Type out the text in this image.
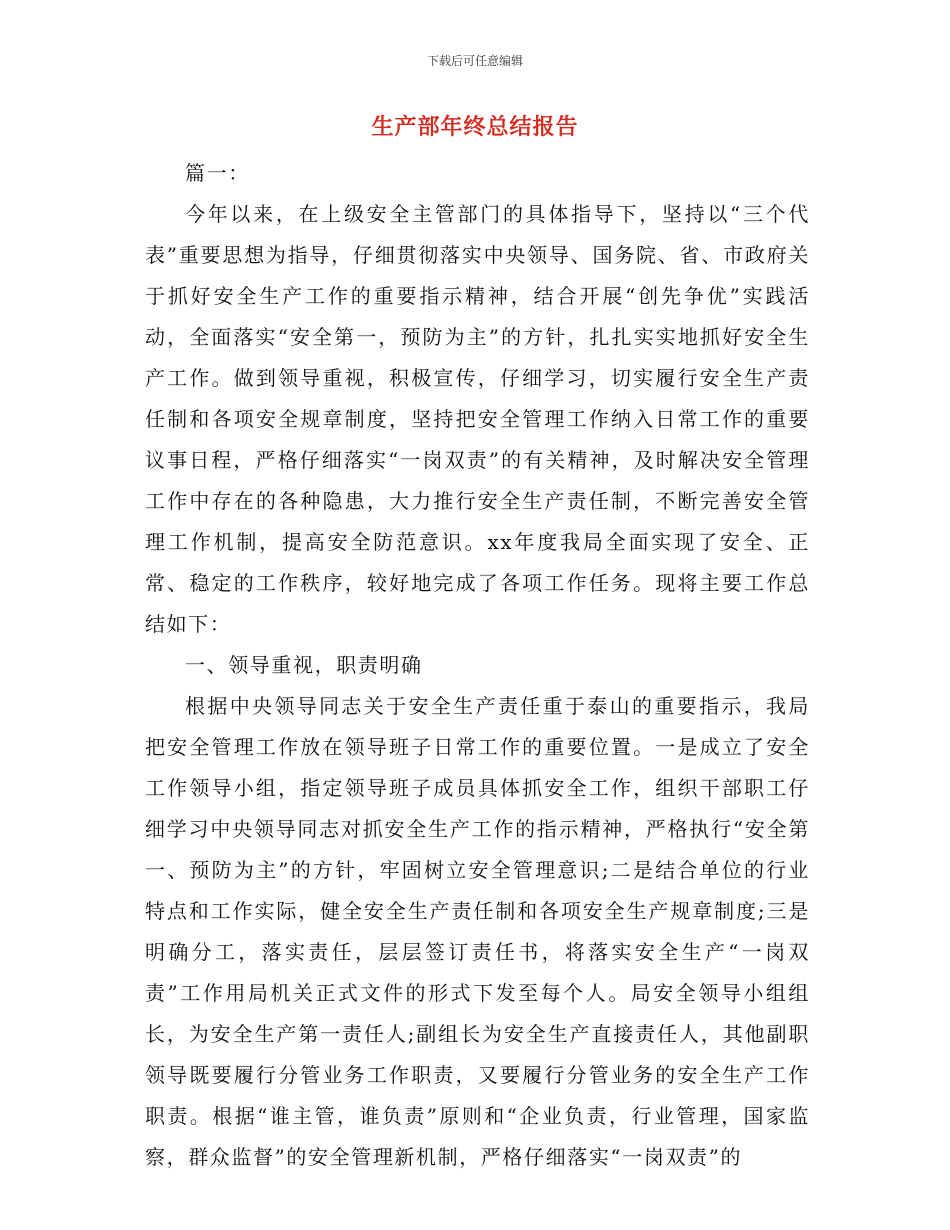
下载后可任意编辑
生产部年终总结报告

篇一：

今年以来，在上级安全主管部门的具体指导下，坚持以“三个代表”重要思想为指导，仔细贯彻落实中央领导、国务院、省、市政府关于抓好安全生产工作的重要指示精神，结合开展“创先争优”实践活动，全面落实“安全第一，预防为主”的方针，扎扎实实地抓好安全生产工作。做到领导重视，积极宣传，仔细学习，切实履行安全生产责任制和各项安全规章制度，坚持把安全管理工作纳入日常工作的重要议事日程，严格仔细落实“一岗双责”的有关精神，及时解决安全管理工作中存在的各种隐患，大力推行安全生产责任制，不断完善安全管理工作机制，提高安全防范意识。xx年度我局全面实现了安全、正常、稳定的工作秩序，较好地完成了各项工作任务。现将主要工作总结如下：

一、领导重视，职责明确

根据中央领导同志关于安全生产责任重于泰山的重要指示，我局把安全管理工作放在领导班子日常工作的重要位置。一是成立了安全工作领导小组，指定领导班子成员具体抓安全工作，组织干部职工仔细学习中央领导同志对抓安全生产工作的指示精神，严格执行“安全第一、预防为主”的方针，牢固树立安全管理意识;二是结合单位的行业特点和工作实际，健全安全生产责任制和各项安全生产规章制度;三是明确分工，落实责任，层层签订责任书，将落实安全生产“一岗双责”工作用局机关正式文件的形式下发至每个人。局安全领导小组组长，为安全生产第一责任人;副组长为安全生产直接责任人，其他副职领导既要履行分管业务工作职责，又要履行分管业务的安全生产工作职责。根据“谁主管，谁负责”原则和“企业负责，行业管理，国家监察，群众监督”的安全管理新机制，严格仔细落实“一岗双责”的
